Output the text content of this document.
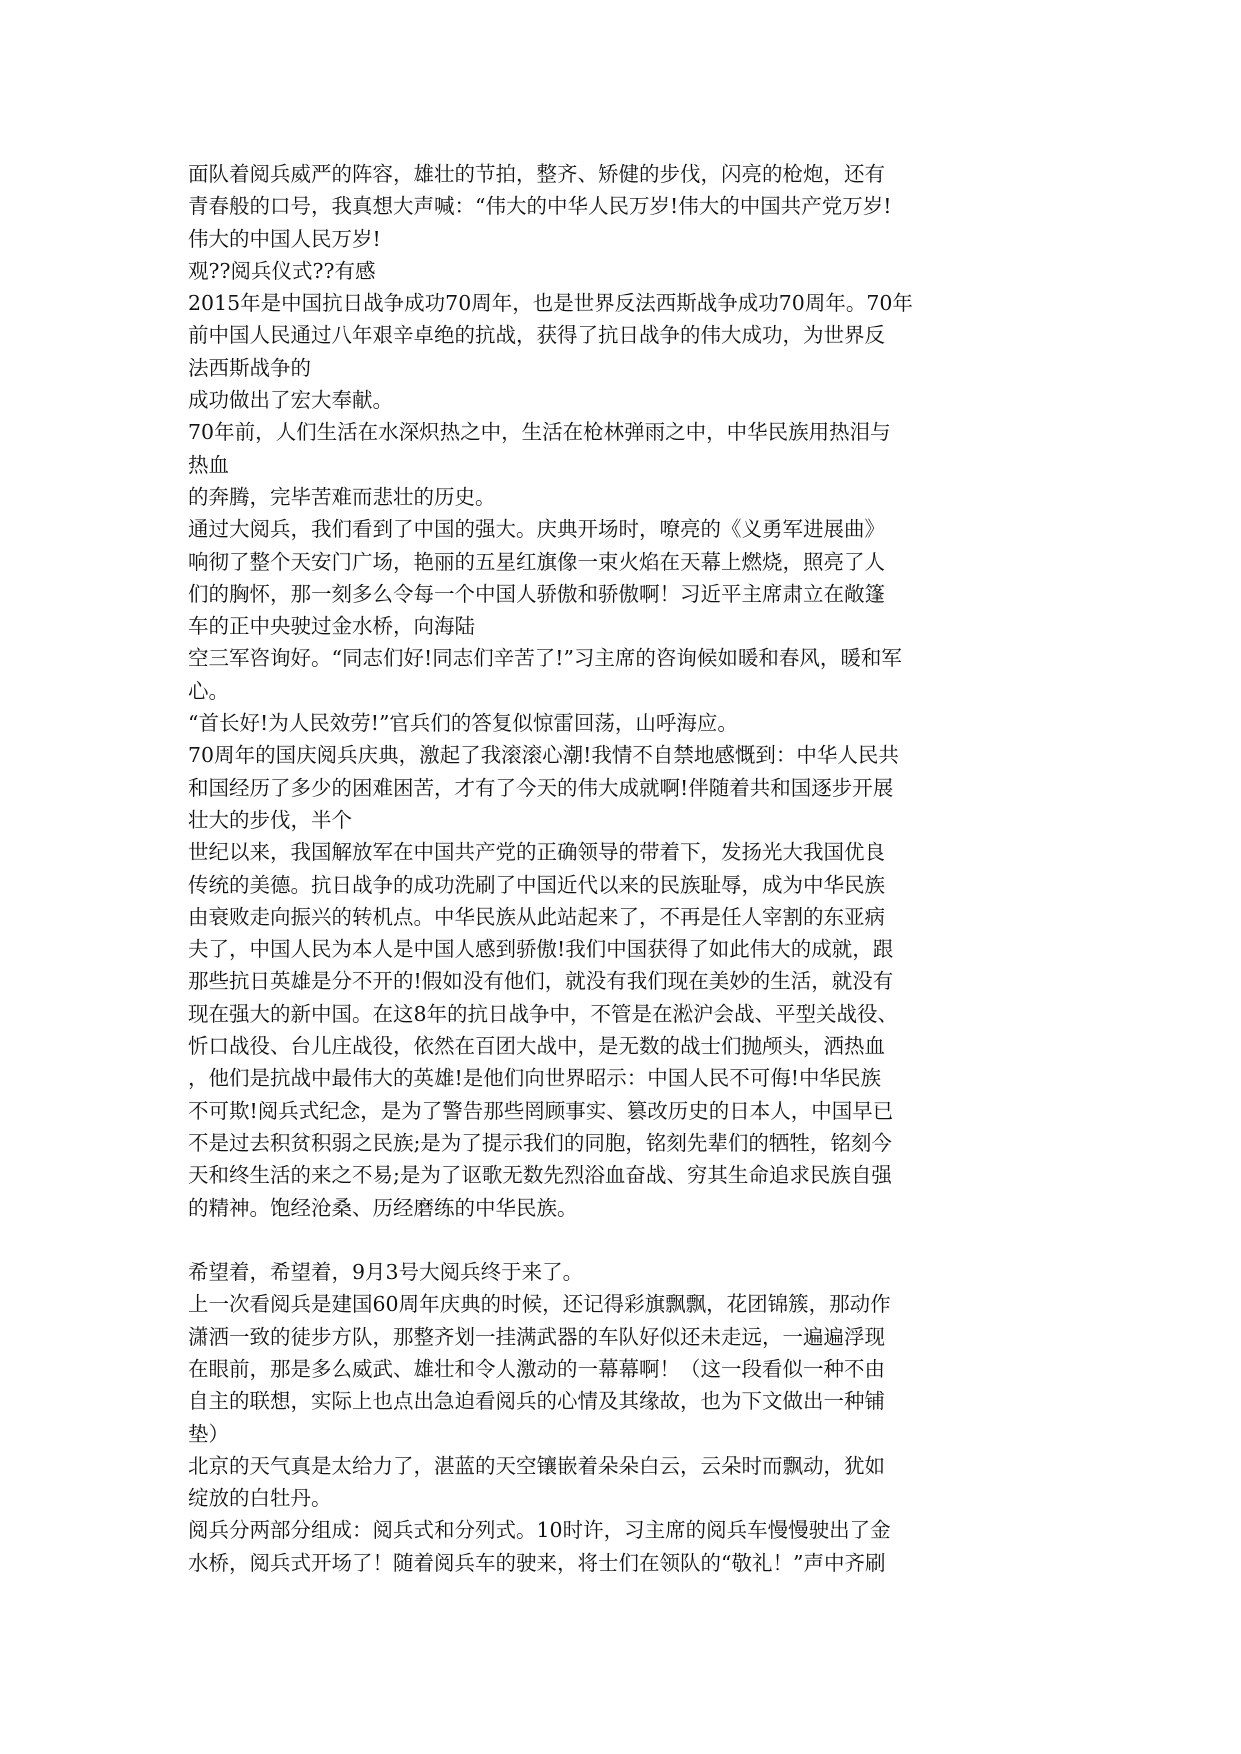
面队着阅兵威严的阵容，雄壮的节拍，整齐、矫健的步伐，闪亮的枪炮，还有
青春般的口号，我真想大声喊：“伟大的中华人民万岁!伟大的中国共产党万岁!
伟大的中国人民万岁!
观??阅兵仪式??有感
2015年是中国抗日战争成功70周年，也是世界反法西斯战争成功70周年。70年
前中国人民通过八年艰辛卓绝的抗战，获得了抗日战争的伟大成功，为世界反
法西斯战争的
成功做出了宏大奉献。
70年前，人们生活在水深炽热之中，生活在枪林弹雨之中，中华民族用热泪与
热血
的奔腾，完毕苦难而悲壮的历史。
通过大阅兵，我们看到了中国的强大。庆典开场时，嘹亮的《义勇军进展曲》
响彻了整个天安门广场，艳丽的五星红旗像一束火焰在天幕上燃烧，照亮了人
们的胸怀，那一刻多么令每一个中国人骄傲和骄傲啊！习近平主席肃立在敞篷
车的正中央驶过金水桥，向海陆
空三军咨询好。“同志们好!同志们辛苦了!”习主席的咨询候如暖和春风，暖和军
心。
“首长好!为人民效劳!”官兵们的答复似惊雷回荡，山呼海应。
70周年的国庆阅兵庆典，激起了我滚滚心潮!我情不自禁地感慨到：中华人民共
和国经历了多少的困难困苦，才有了今天的伟大成就啊!伴随着共和国逐步开展
壮大的步伐，半个
世纪以来，我国解放军在中国共产党的正确领导的带着下，发扬光大我国优良
传统的美德。抗日战争的成功洗刷了中国近代以来的民族耻辱，成为中华民族
由衰败走向振兴的转机点。中华民族从此站起来了，不再是任人宰割的东亚病
夫了，中国人民为本人是中国人感到骄傲!我们中国获得了如此伟大的成就，跟
那些抗日英雄是分不开的!假如没有他们，就没有我们现在美妙的生活，就没有
现在强大的新中国。在这8年的抗日战争中，不管是在淞沪会战、平型关战役、
忻口战役、台儿庄战役，依然在百团大战中，是无数的战士们抛颅头，洒热血
，他们是抗战中最伟大的英雄!是他们向世界昭示：中国人民不可侮!中华民族
不可欺!阅兵式纪念，是为了警告那些罔顾事实、篡改历史的日本人，中国早已
不是过去积贫积弱之民族;是为了提示我们的同胞，铭刻先辈们的牺牲，铭刻今
天和终生活的来之不易;是为了讴歌无数先烈浴血奋战、穷其生命追求民族自强
的精神。饱经沧桑、历经磨练的中华民族。
希望着，希望着，9月3号大阅兵终于来了。
上一次看阅兵是建国60周年庆典的时候，还记得彩旗飘飘，花团锦簇，那动作
潇洒一致的徒步方队，那整齐划一挂满武器的车队好似还未走远，一遍遍浮现
在眼前，那是多么威武、雄壮和令人激动的一幕幕啊！（这一段看似一种不由
自主的联想，实际上也点出急迫看阅兵的心情及其缘故，也为下文做出一种铺
垫）
北京的天气真是太给力了，湛蓝的天空镶嵌着朵朵白云，云朵时而飘动，犹如
绽放的白牡丹。
阅兵分两部分组成：阅兵式和分列式。10时许，习主席的阅兵车慢慢驶出了金
水桥，阅兵式开场了！随着阅兵车的驶来，将士们在领队的“敬礼！”声中齐刷
